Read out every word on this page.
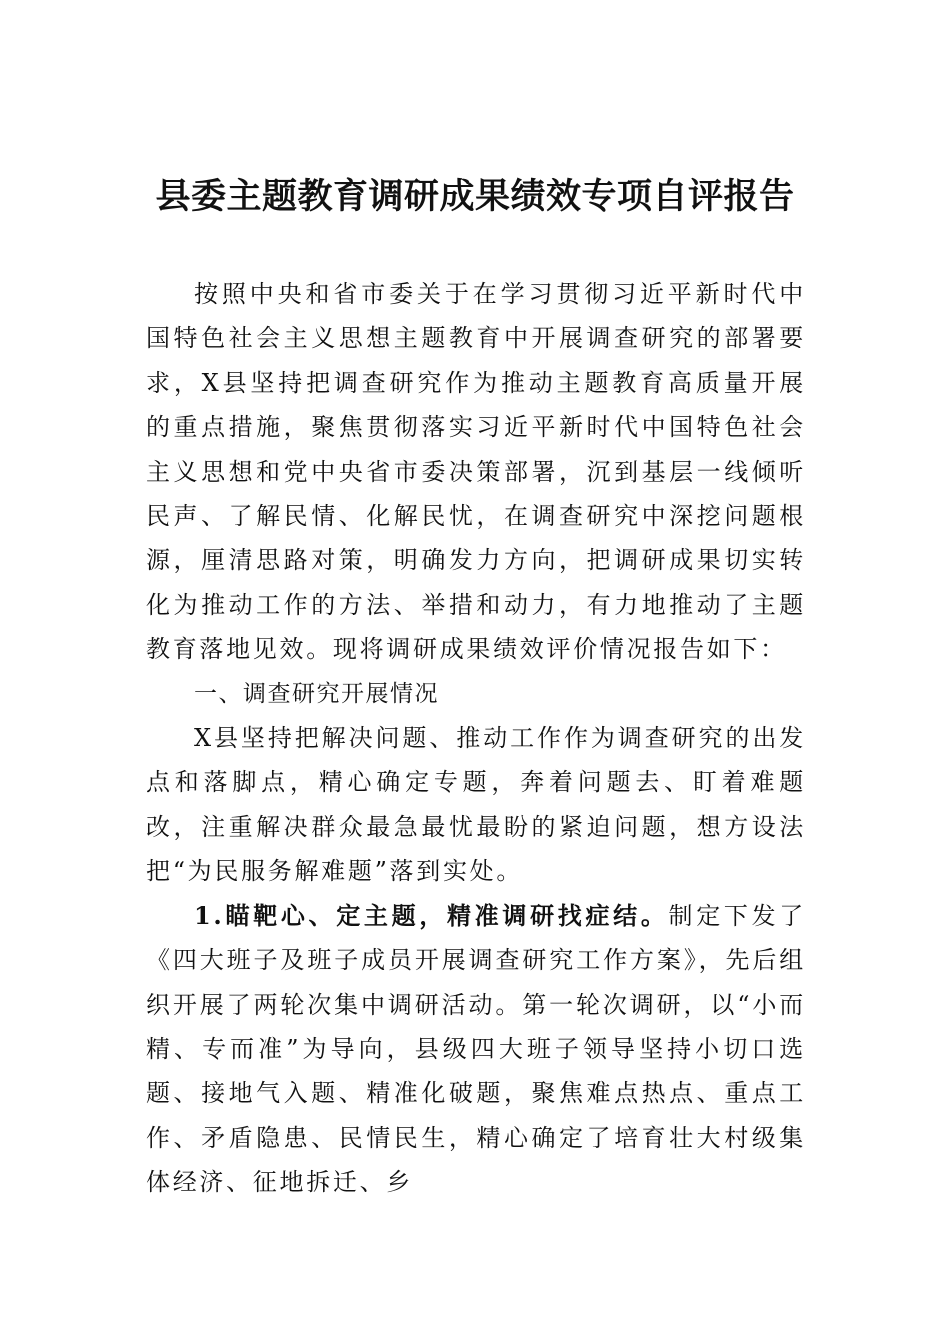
县委主题教育调研成果绩效专项自评报告

按照中央和省市委关于在学习贯彻习近平新时代中国特色社会主义思想主题教育中开展调查研究的部署要求，X县坚持把调查研究作为推动主题教育高质量开展的重点措施，聚焦贯彻落实习近平新时代中国特色社会主义思想和党中央省市委决策部署，沉到基层一线倾听民声、了解民情、化解民忧，在调查研究中深挖问题根源，厘清思路对策，明确发力方向，把调研成果切实转化为推动工作的方法、举措和动力，有力地推动了主题教育落地见效。现将调研成果绩效评价情况报告如下：

一、调查研究开展情况

X县坚持把解决问题、推动工作作为调查研究的出发点和落脚点，精心确定专题，奔着问题去、盯着难题改，注重解决群众最急最忧最盼的紧迫问题，想方设法把“为民服务解难题”落到实处。

1.瞄靶心、定主题，精准调研找症结。制定下发了《四大班子及班子成员开展调查研究工作方案》，先后组织开展了两轮次集中调研活动。第一轮次调研，以“小而精、专而准”为导向，县级四大班子领导坚持小切口选题、接地气入题、精准化破题，聚焦难点热点、重点工作、矛盾隐患、民情民生，精心确定了培育壮大村级集体经济、征地拆迁、乡
